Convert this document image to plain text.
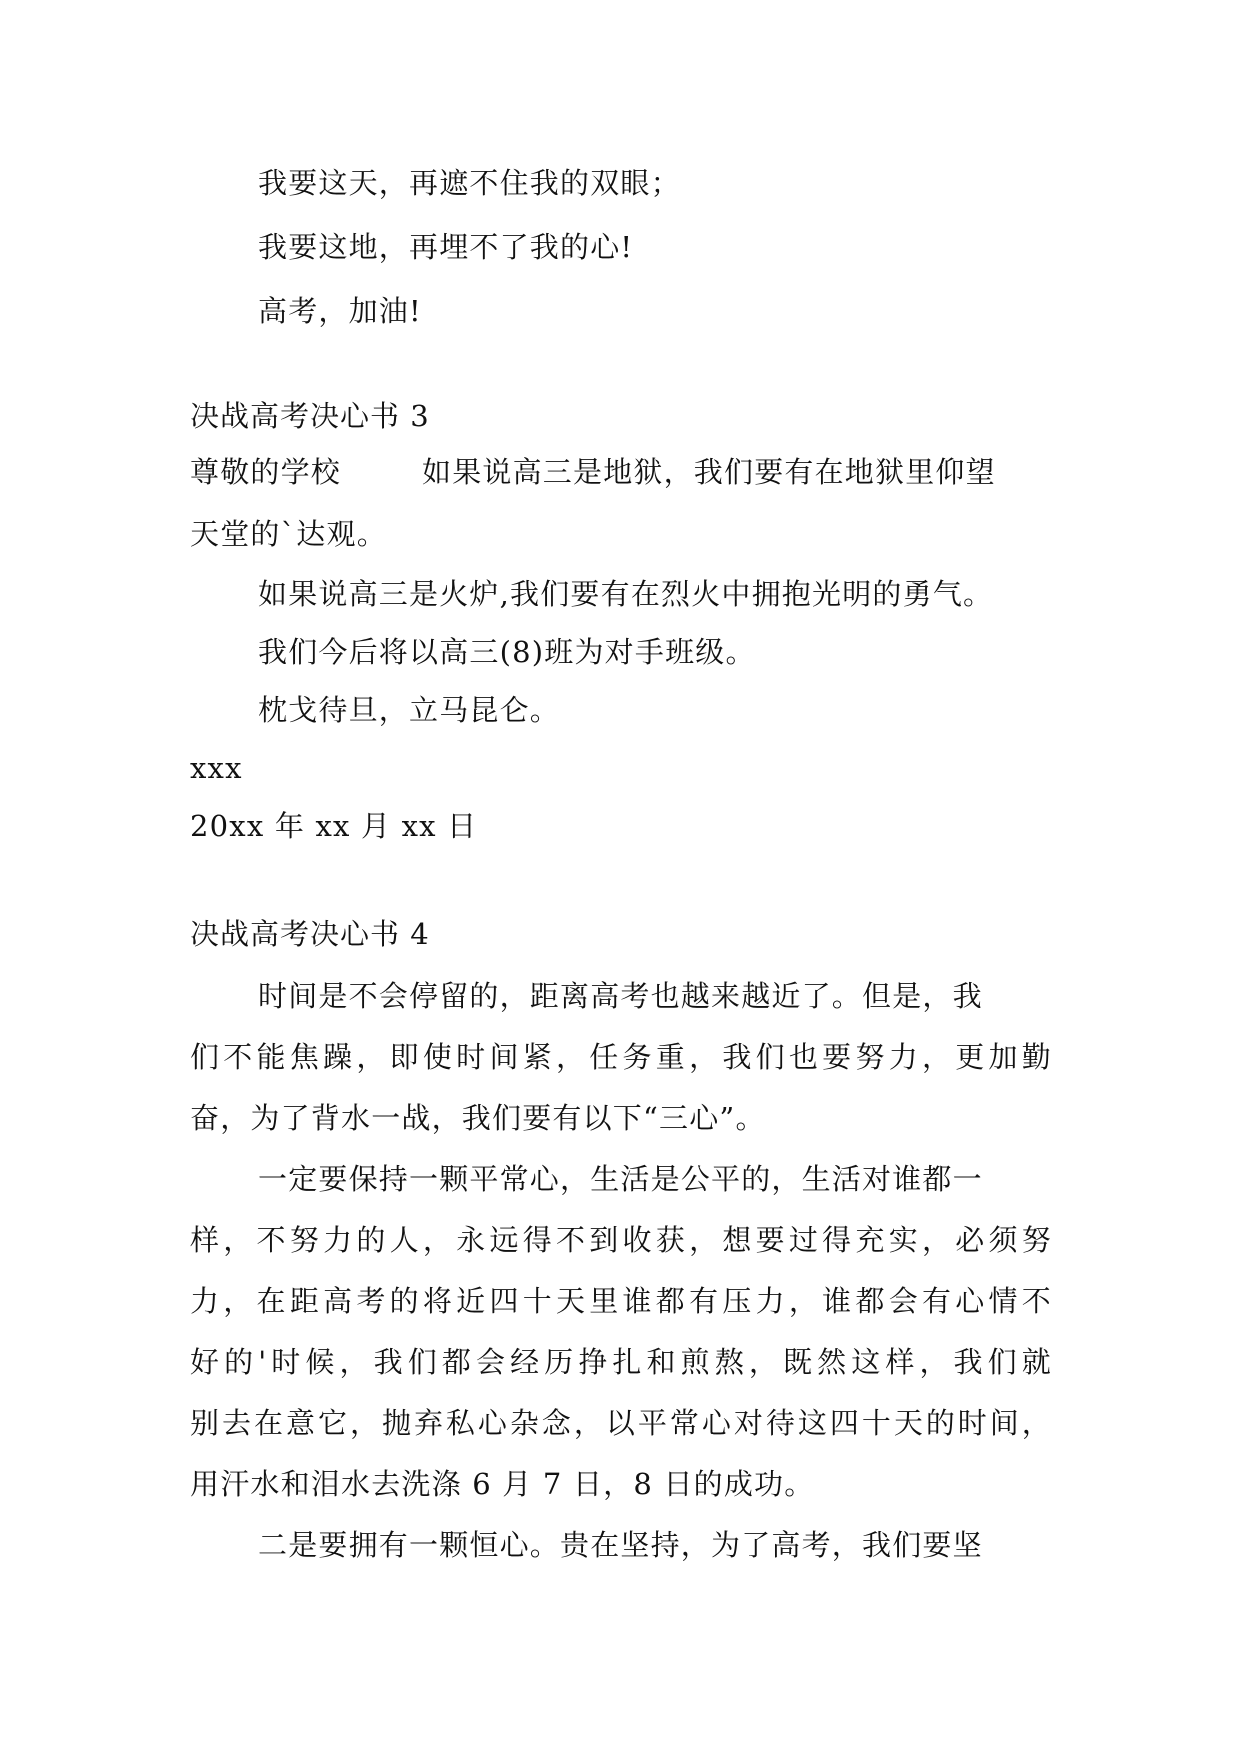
我要这天，再遮不住我的双眼；
我要这地，再埋不了我的心!
高考，加油!
决战高考决心书 3
尊敬的学校	如果说高三是地狱，我们要有在地狱里仰望
天堂的`达观。
如果说高三是火炉,我们要有在烈火中拥抱光明的勇气。
我们今后将以高三(8)班为对手班级。
枕戈待旦，立马昆仑。
xxx
20xx 年 xx 月 xx 日
决战高考决心书 4
时间是不会停留的，距离高考也越来越近了。但是，我
们不能焦躁，即使时间紧，任务重，我们也要努力，更加勤
奋，为了背水一战，我们要有以下“三心”。
一定要保持一颗平常心，生活是公平的，生活对谁都一
样，不努力的人，永远得不到收获，想要过得充实，必须努
力，在距高考的将近四十天里谁都有压力，谁都会有心情不
好的'时候，我们都会经历挣扎和煎熬，既然这样，我们就
别去在意它，抛弃私心杂念，以平常心对待这四十天的时间，
用汗水和泪水去洗涤 6 月 7 日，8 日的成功。
二是要拥有一颗恒心。贵在坚持，为了高考，我们要坚
